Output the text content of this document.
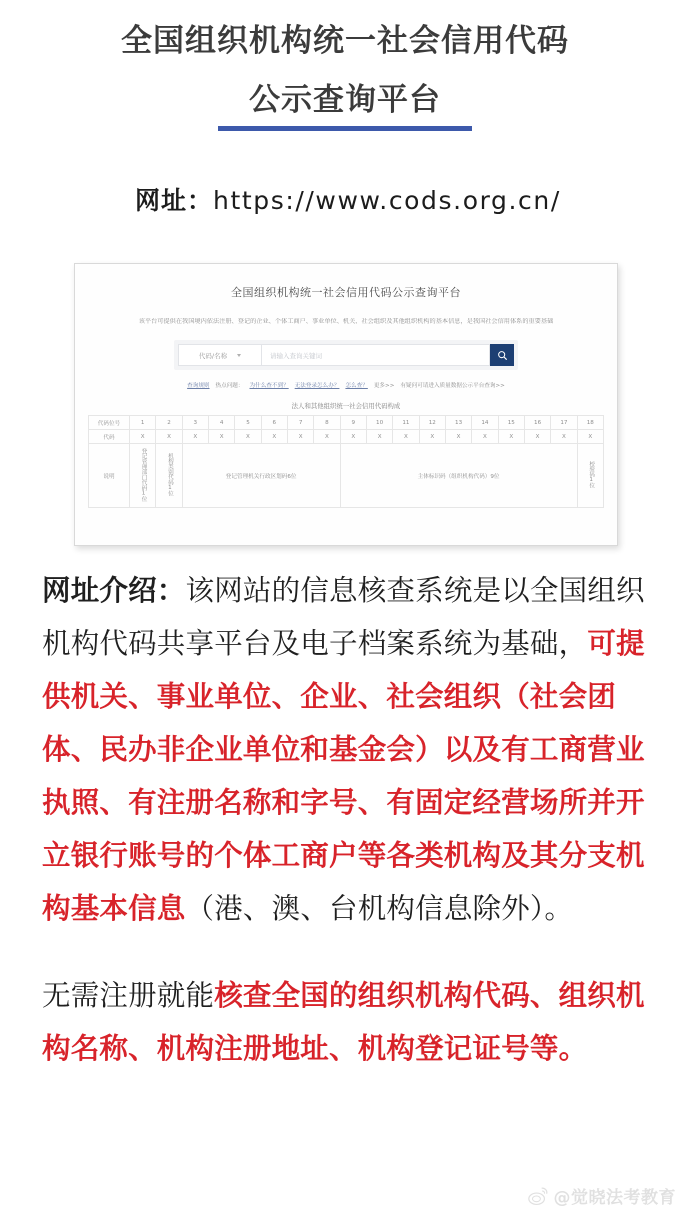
全国组织机构统一社会信用代码
公示查询平台
网址：https://www.cods.org.cn/
全国组织机构统一社会信用代码公示查询平台
该平台可提供在我国境内依法注册、登记的企业、个体工商户、事业单位、机关、社会组织及其他组织机构的基本信息，是我国社会信用体系的重要基础
代码/名称	请输入查询关键词
查询规则 热点问题： 为什么查不到？ 无法登录怎么办？ 怎么查？ 更多>> 有疑问可请进入质量数据公示平台查询>>
法人和其他组织统一社会信用代码构成
代码位号	1	2	3	4	5	6	7	8	9	10	11	12	13	14	15	16	17	18
代码	X	X	X	X	X	X	X	X	X	X	X	X	X	X	X	X	X	X
说明	登记管理部门代码1位	机构类别代码1位	登记管理机关行政区划码6位						主体标识码（组织机构代码）9位									校验码1位

网址介绍：该网站的信息核查系统是以全国组织机构代码共享平台及电子档案系统为基础，可提供机关、事业单位、企业、社会组织（社会团体、民办非企业单位和基金会）以及有工商营业执照、有注册名称和字号、有固定经营场所并开立银行账号的个体工商户等各类机构及其分支机构基本信息（港、澳、台机构信息除外）。

无需注册就能核查全国的组织机构代码、组织机构名称、机构注册地址、机构登记证号等。

@觉晓法考教育
